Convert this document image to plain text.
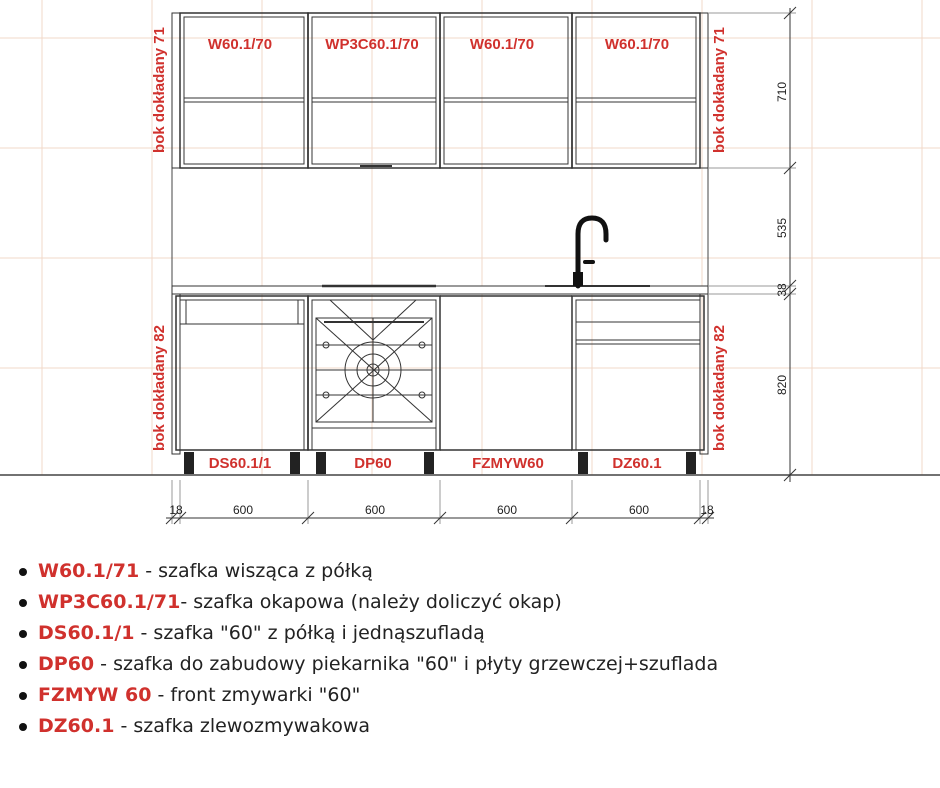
W60.1/70	WP3C60.1/70	W60.1/70	W60.1/70
DS60.1/1	DP60	FZMYW60	DZ60.1
bok dokładany 71	bok dokładany 71
bok dokładany 82	bok dokładany 82
710
535
38
820
18	600	600	600	600	18
W60.1/71 - szafka wisząca z półką
WP3C60.1/71- szafka okapowa (należy doliczyć okap)
DS60.1/1 - szafka "60" z półką i jednąszufladą
DP60 - szafka do zabudowy piekarnika "60" i płyty grzewczej+szuflada
FZMYW 60 - front zmywarki "60"
DZ60.1 - szafka zlewozmywakowa
